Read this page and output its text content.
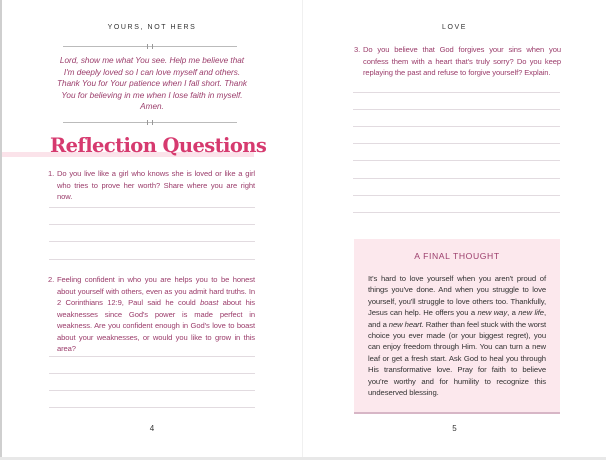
YOURS, NOT HERS
Lord, show me what You see. Help me believe that I'm deeply loved so I can love myself and others. Thank You for Your patience when I fall short. Thank You for believing in me when I lose faith in myself. Amen.
Reflection Questions
1. Do you live like a girl who knows she is loved or like a girl who tries to prove her worth? Share where you are right now.
2. Feeling confident in who you are helps you to be honest about yourself with others, even as you admit hard truths. In 2 Corinthians 12:9, Paul said he could boast about his weaknesses since God's power is made perfect in weakness. Are you confident enough in God's love to boast about your weaknesses, or would you like to grow in this area?
4
LOVE
3. Do you believe that God forgives your sins when you confess them with a heart that's truly sorry? Do you keep replaying the past and refuse to forgive yourself? Explain.
A FINAL THOUGHT
It's hard to love yourself when you aren't proud of things you've done. And when you struggle to love yourself, you'll struggle to love others too. Thankfully, Jesus can help. He offers you a new way, a new life, and a new heart. Rather than feel stuck with the worst choice you ever made (or your biggest regret), you can enjoy freedom through Him. You can turn a new leaf or get a fresh start. Ask God to heal you through His transformative love. Pray for faith to believe you're worthy and for humility to recognize this undeserved blessing.
5
